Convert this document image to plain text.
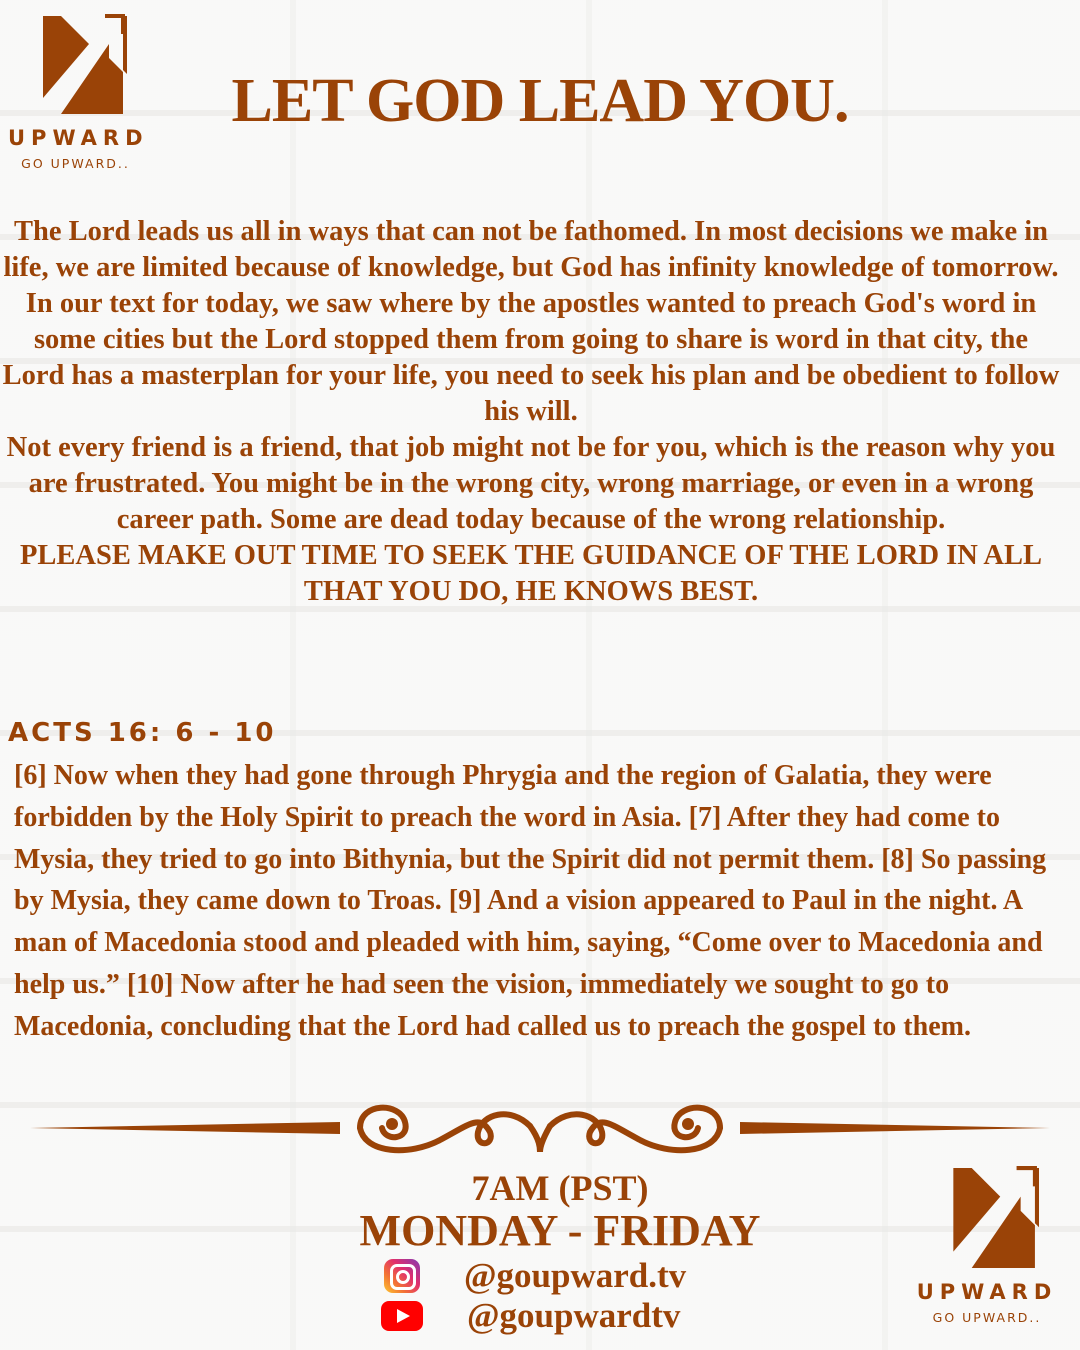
UPWARD
GO UPWARD..
LET GOD LEAD YOU.

The Lord leads us all in ways that can not be fathomed. In most decisions we make in life, we are limited because of knowledge, but God has infinity knowledge of tomorrow. In our text for today, we saw where by the apostles wanted to preach God's word in some cities but the Lord stopped them from going to share is word in that city, the Lord has a masterplan for your life, you need to seek his plan and be obedient to follow his will.

Not every friend is a friend, that job might not be for you, which is the reason why you are frustrated. You might be in the wrong city, wrong marriage, or even in a wrong career path. Some are dead today because of the wrong relationship.

PLEASE MAKE OUT TIME TO SEEK THE GUIDANCE OF THE LORD IN ALL THAT YOU DO, HE KNOWS BEST.

ACTS 16: 6 - 10
[6] Now when they had gone through Phrygia and the region of Galatia, they were forbidden by the Holy Spirit to preach the word in Asia. [7] After they had come to Mysia, they tried to go into Bithynia, but the Spirit did not permit them. [8] So passing by Mysia, they came down to Troas. [9] And a vision appeared to Paul in the night. A man of Macedonia stood and pleaded with him, saying, “Come over to Macedonia and help us.” [10] Now after he had seen the vision, immediately we sought to go to Macedonia, concluding that the Lord had called us to preach the gospel to them.
7AM (PST)
MONDAY - FRIDAY
@goupward.tv
@goupwardtv
UPWARD
GO UPWARD..
